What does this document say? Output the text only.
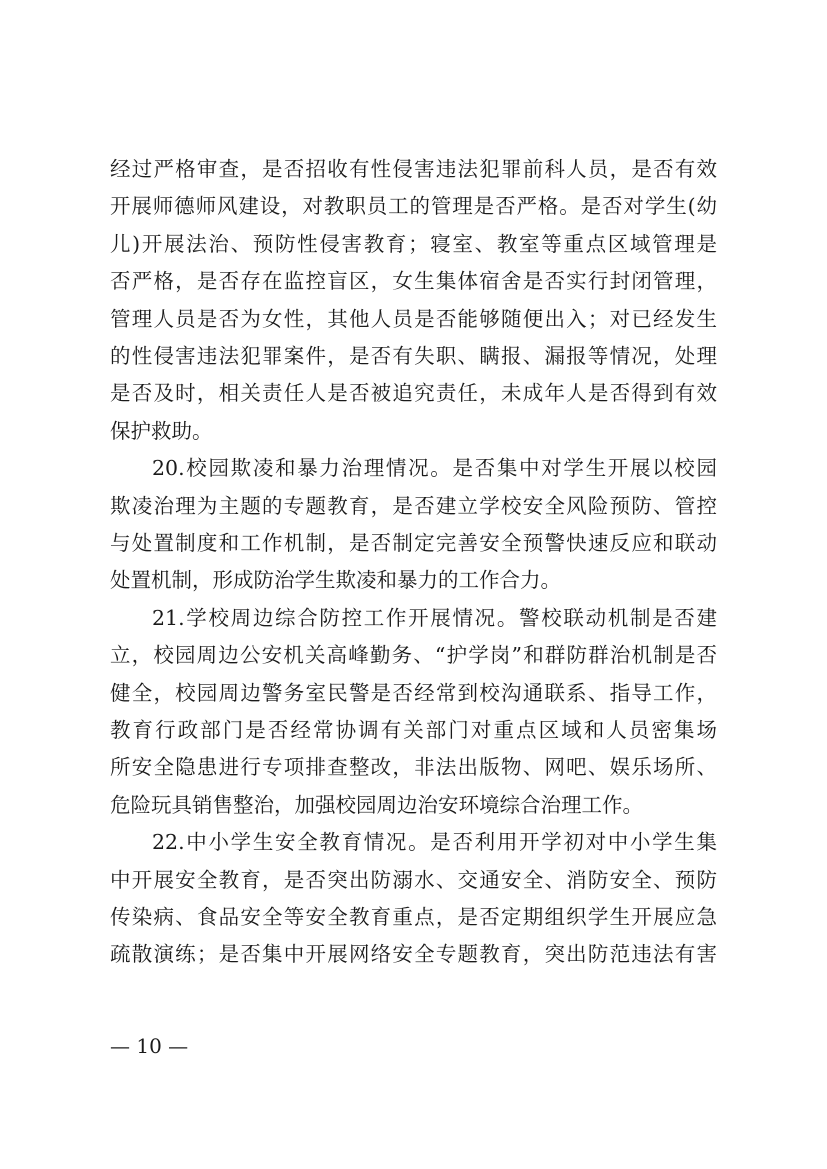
经过严格审查，是否招收有性侵害违法犯罪前科人员，是否有效
开展师德师风建设，对教职员工的管理是否严格。是否对学生(幼
儿)开展法治、预防性侵害教育；寝室、教室等重点区域管理是
否严格，是否存在监控盲区，女生集体宿舍是否实行封闭管理，
管理人员是否为女性，其他人员是否能够随便出入；对已经发生
的性侵害违法犯罪案件，是否有失职、瞒报、漏报等情况，处理
是否及时，相关责任人是否被追究责任，未成年人是否得到有效
保护救助。
20.校园欺凌和暴力治理情况。是否集中对学生开展以校园
欺凌治理为主题的专题教育，是否建立学校安全风险预防、管控
与处置制度和工作机制，是否制定完善安全预警快速反应和联动
处置机制，形成防治学生欺凌和暴力的工作合力。
21.学校周边综合防控工作开展情况。警校联动机制是否建
立，校园周边公安机关高峰勤务、“护学岗”和群防群治机制是否
健全，校园周边警务室民警是否经常到校沟通联系、指导工作，
教育行政部门是否经常协调有关部门对重点区域和人员密集场
所安全隐患进行专项排查整改，非法出版物、网吧、娱乐场所、
危险玩具销售整治，加强校园周边治安环境综合治理工作。
22.中小学生安全教育情况。是否利用开学初对中小学生集
中开展安全教育，是否突出防溺水、交通安全、消防安全、预防
传染病、食品安全等安全教育重点，是否定期组织学生开展应急
疏散演练；是否集中开展网络安全专题教育，突出防范违法有害
— 10 —
